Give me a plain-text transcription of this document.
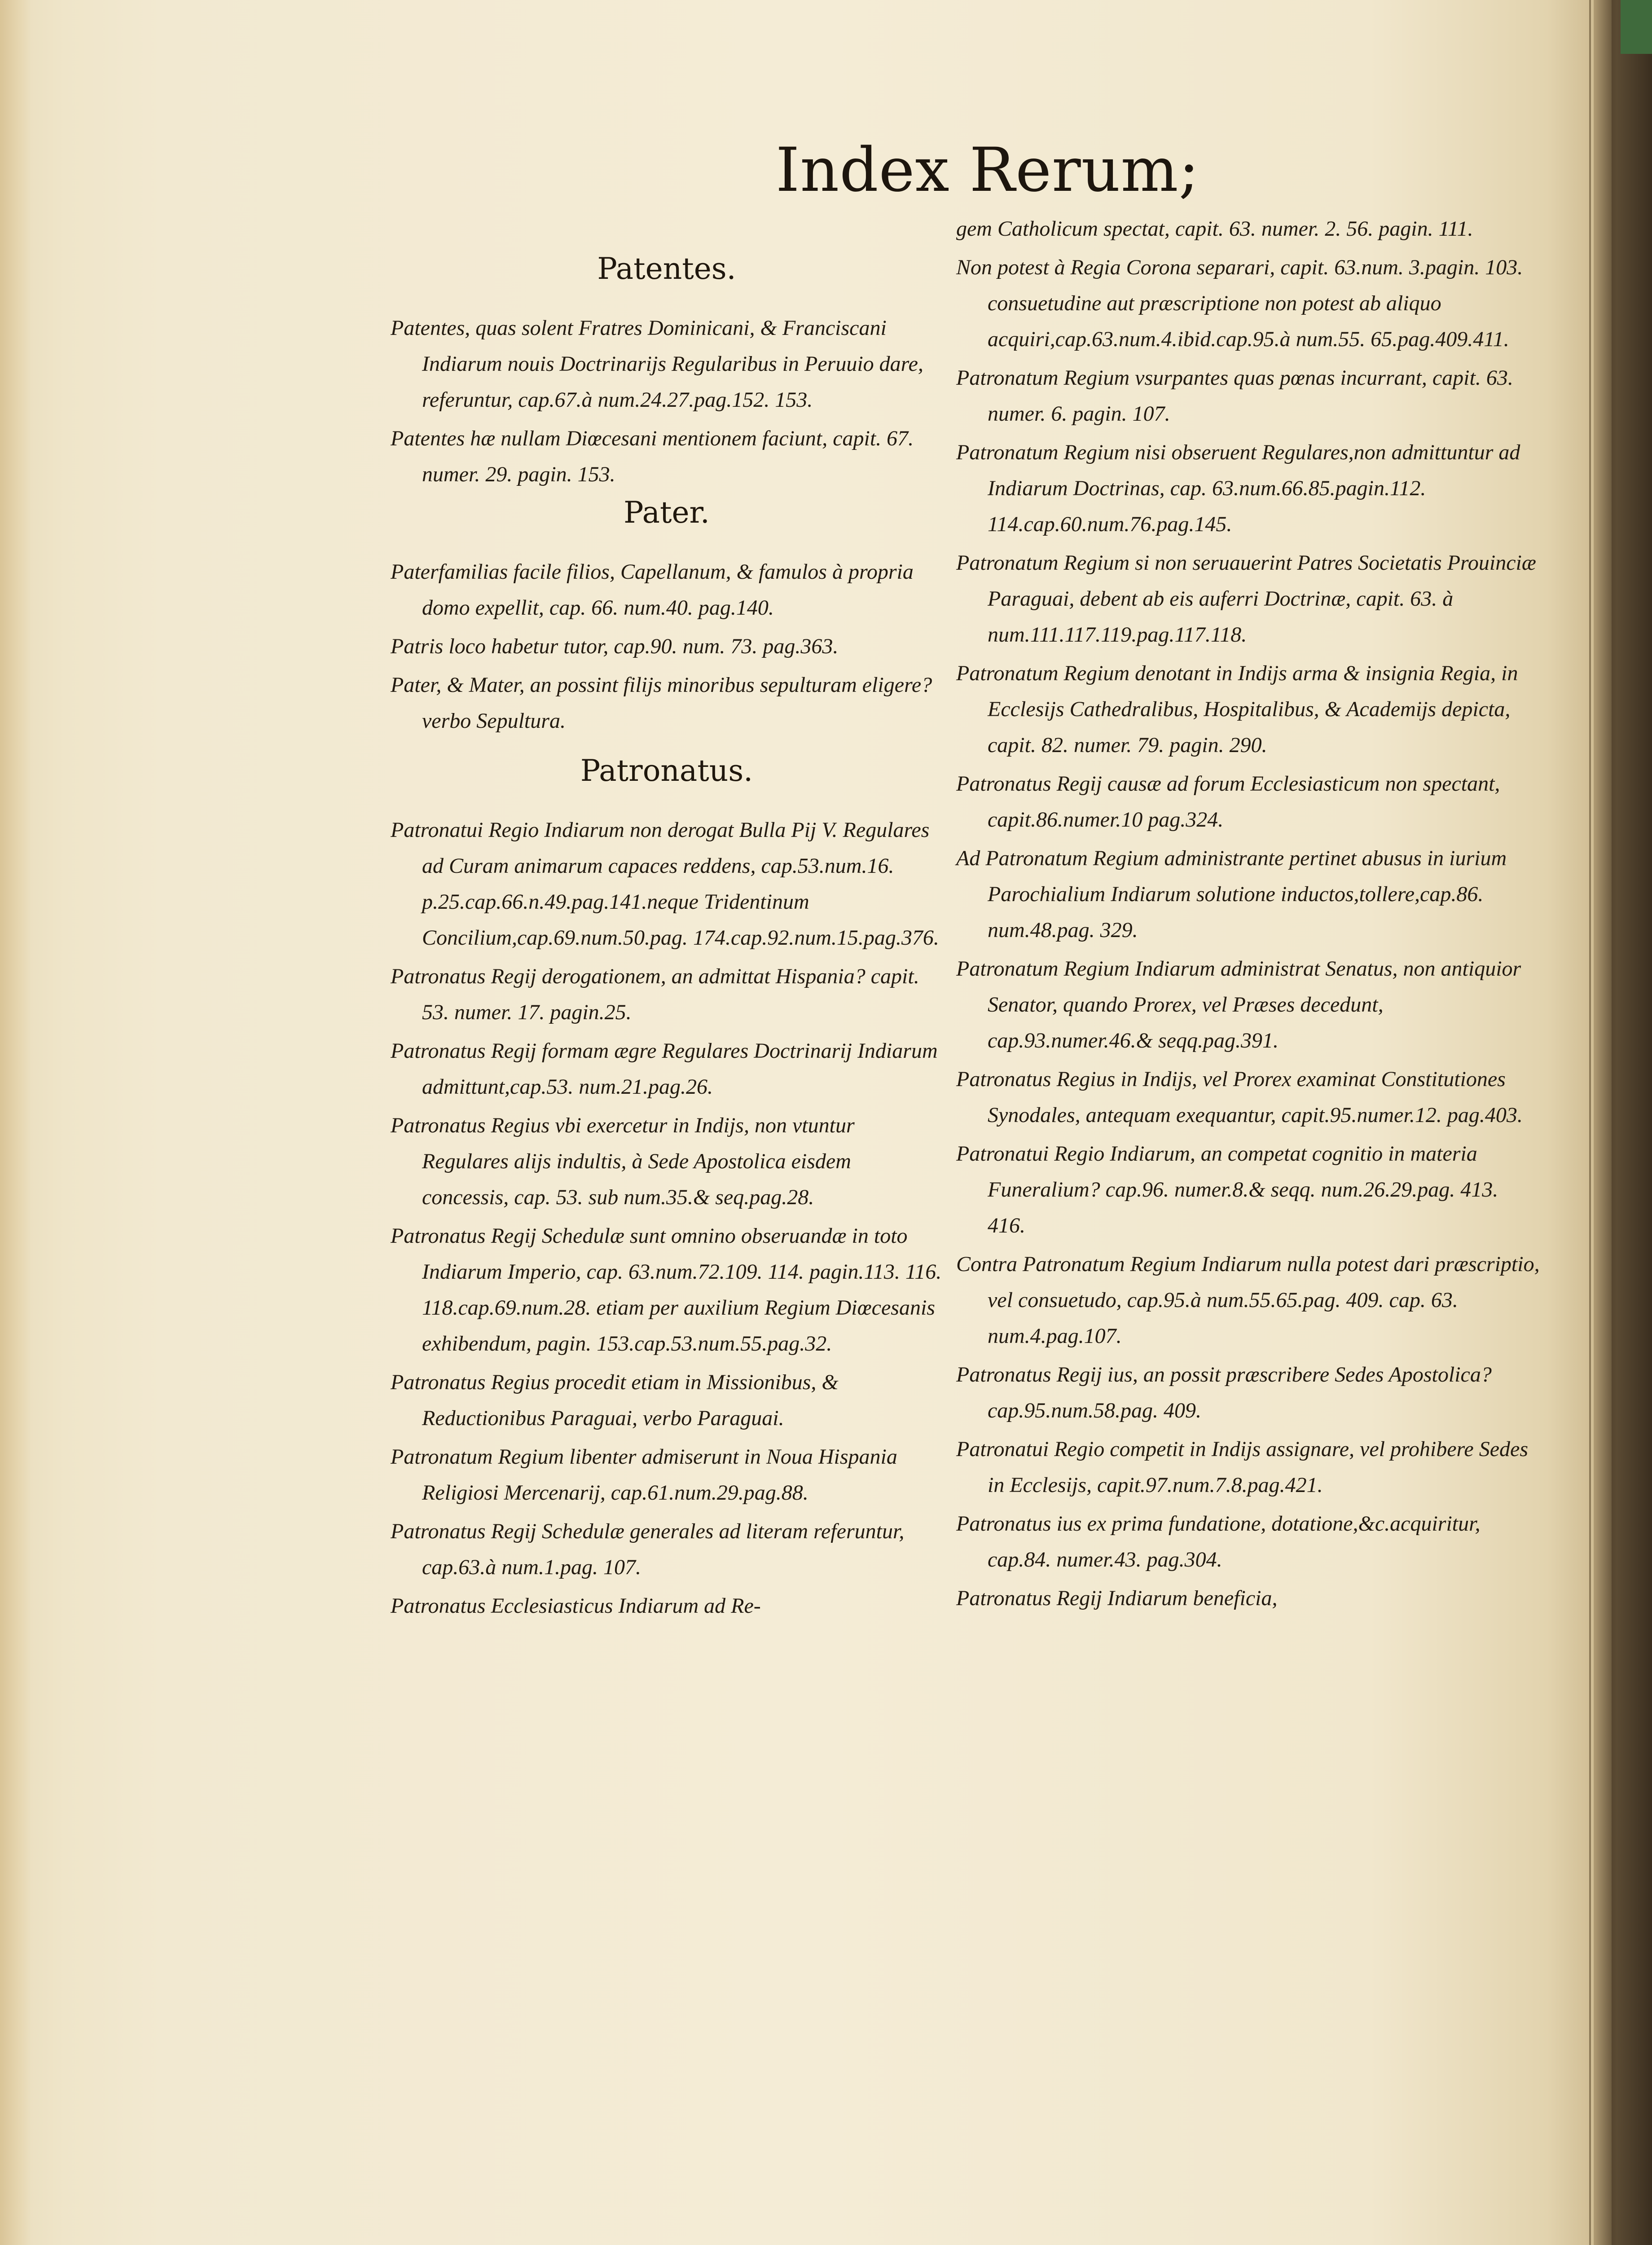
Index Rerum;
Patentes.

Patentes, quas solent Fratres Dominicani, & Franciscani Indiarum nouis Doctrinarijs Regularibus in Peruuio dare, referuntur, cap.67.à num.24.27.pag.152. 153.

Patentes hæ nullam Diœcesani mentionem faciunt, capit. 67. numer. 29. pagin. 153.

Pater.

Paterfamilias facile filios, Capellanum, & famulos à propria domo expellit, cap. 66. num.40. pag.140.

Patris loco habetur tutor, cap.90. num. 73. pag.363.

Pater, & Mater, an possint filijs minoribus sepulturam eligere? verbo Sepultura.

Patronatus.

Patronatui Regio Indiarum non derogat Bulla Pij V. Regulares ad Curam animarum capaces reddens, cap.53.num.16. p.25.cap.66.n.49.pag.141.neque Tridentinum Concilium,cap.69.num.50.pag. 174.cap.92.num.15.pag.376.

Patronatus Regij derogationem, an admittat Hispania? capit. 53. numer. 17. pagin.25.

Patronatus Regij formam ægre Regulares Doctrinarij Indiarum admittunt,cap.53. num.21.pag.26.

Patronatus Regius vbi exercetur in Indijs, non vtuntur Regulares alijs indultis, à Sede Apostolica eisdem concessis, cap. 53. sub num.35.& seq.pag.28.

Patronatus Regij Schedulæ sunt omnino obseruandæ in toto Indiarum Imperio, cap. 63.num.72.109. 114. pagin.113. 116. 118.cap.69.num.28. etiam per auxilium Regium Diœcesanis exhibendum, pagin. 153.cap.53.num.55.pag.32.

Patronatus Regius procedit etiam in Missionibus, & Reductionibus Paraguai, verbo Paraguai.

Patronatum Regium libenter admiserunt in Noua Hispania Religiosi Mercenarij, cap.61.num.29.pag.88.

Patronatus Regij Schedulæ generales ad literam referuntur, cap.63.à num.1.pag. 107.

Patronatus Ecclesiasticus Indiarum ad Re-

gem Catholicum spectat, capit. 63. numer. 2. 56. pagin. 111.

Non potest à Regia Corona separari, capit. 63.num. 3.pagin. 103. consuetudine aut præscriptione non potest ab aliquo acquiri,cap.63.num.4.ibid.cap.95.à num.55. 65.pag.409.411.

Patronatum Regium vsurpantes quas pœnas incurrant, capit. 63. numer. 6. pagin. 107.

Patronatum Regium nisi obseruent Regulares,non admittuntur ad Indiarum Doctrinas, cap. 63.num.66.85.pagin.112. 114.cap.60.num.76.pag.145.

Patronatum Regium si non seruauerint Patres Societatis Prouinciæ Paraguai, debent ab eis auferri Doctrinæ, capit. 63. à num.111.117.119.pag.117.118.

Patronatum Regium denotant in Indijs arma & insignia Regia, in Ecclesijs Cathedralibus, Hospitalibus, & Academijs depicta, capit. 82. numer. 79. pagin. 290.

Patronatus Regij causæ ad forum Ecclesiasticum non spectant, capit.86.numer.10 pag.324.

Ad Patronatum Regium administrante pertinet abusus in iurium Parochialium Indiarum solutione inductos,tollere,cap.86. num.48.pag. 329.

Patronatum Regium Indiarum administrat Senatus, non antiquior Senator, quando Prorex, vel Præses decedunt, cap.93.numer.46.& seqq.pag.391.

Patronatus Regius in Indijs, vel Prorex examinat Constitutiones Synodales, antequam exequantur, capit.95.numer.12. pag.403.

Patronatui Regio Indiarum, an competat cognitio in materia Funeralium? cap.96. numer.8.& seqq. num.26.29.pag. 413. 416.

Contra Patronatum Regium Indiarum nulla potest dari præscriptio, vel consuetudo, cap.95.à num.55.65.pag. 409. cap. 63. num.4.pag.107.

Patronatus Regij ius, an possit præscribere Sedes Apostolica? cap.95.num.58.pag. 409.

Patronatui Regio competit in Indijs assignare, vel prohibere Sedes in Ecclesijs, capit.97.num.7.8.pag.421.

Patronatus ius ex prima fundatione, dotatione,&c.acquiritur, cap.84. numer.43. pag.304.

Patronatus Regij Indiarum beneficia,
